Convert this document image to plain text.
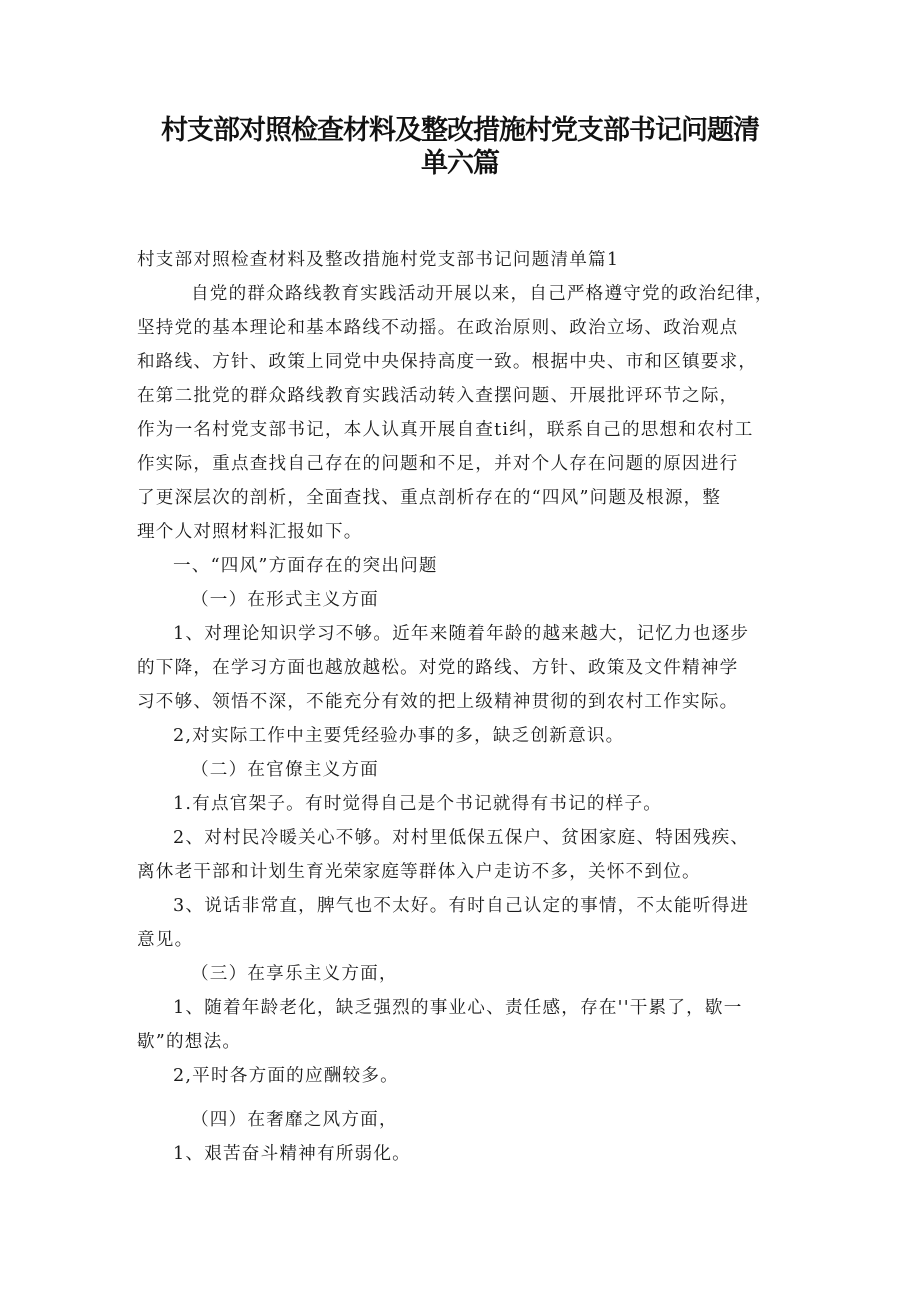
村支部对照检查材料及整改措施村党支部书记问题清
单六篇
村支部对照检查材料及整改措施村党支部书记问题清单篇1
自党的群众路线教育实践活动开展以来，自己严格遵守党的政治纪律，
坚持党的基本理论和基本路线不动摇。在政治原则、政治立场、政治观点
和路线、方针、政策上同党中央保持高度一致。根据中央、市和区镇要求，
在第二批党的群众路线教育实践活动转入查摆问题、开展批评环节之际，
作为一名村党支部书记，本人认真开展自查ti纠，联系自己的思想和农村工
作实际，重点查找自己存在的问题和不足，并对个人存在问题的原因进行
了更深层次的剖析，全面查找、重点剖析存在的“四风”问题及根源，整
理个人对照材料汇报如下。
一、“四风”方面存在的突出问题
（一）在形式主义方面
1、对理论知识学习不够。近年来随着年龄的越来越大，记忆力也逐步
的下降，在学习方面也越放越松。对党的路线、方针、政策及文件精神学
习不够、领悟不深，不能充分有效的把上级精神贯彻的到农村工作实际。
2,对实际工作中主要凭经验办事的多，缺乏创新意识。
（二）在官僚主义方面
1.有点官架子。有时觉得自己是个书记就得有书记的样子。
2、对村民冷暖关心不够。对村里低保五保户、贫困家庭、特困残疾、
离休老干部和计划生育光荣家庭等群体入户走访不多，关怀不到位。
3、说话非常直，脾气也不太好。有时自己认定的事情，不太能听得进
意见。
（三）在享乐主义方面，
1、随着年龄老化，缺乏强烈的事业心、责任感，存在''干累了，歇一
歇”的想法。
2,平时各方面的应酬较多。
（四）在奢靡之风方面，
1、艰苦奋斗精神有所弱化。
